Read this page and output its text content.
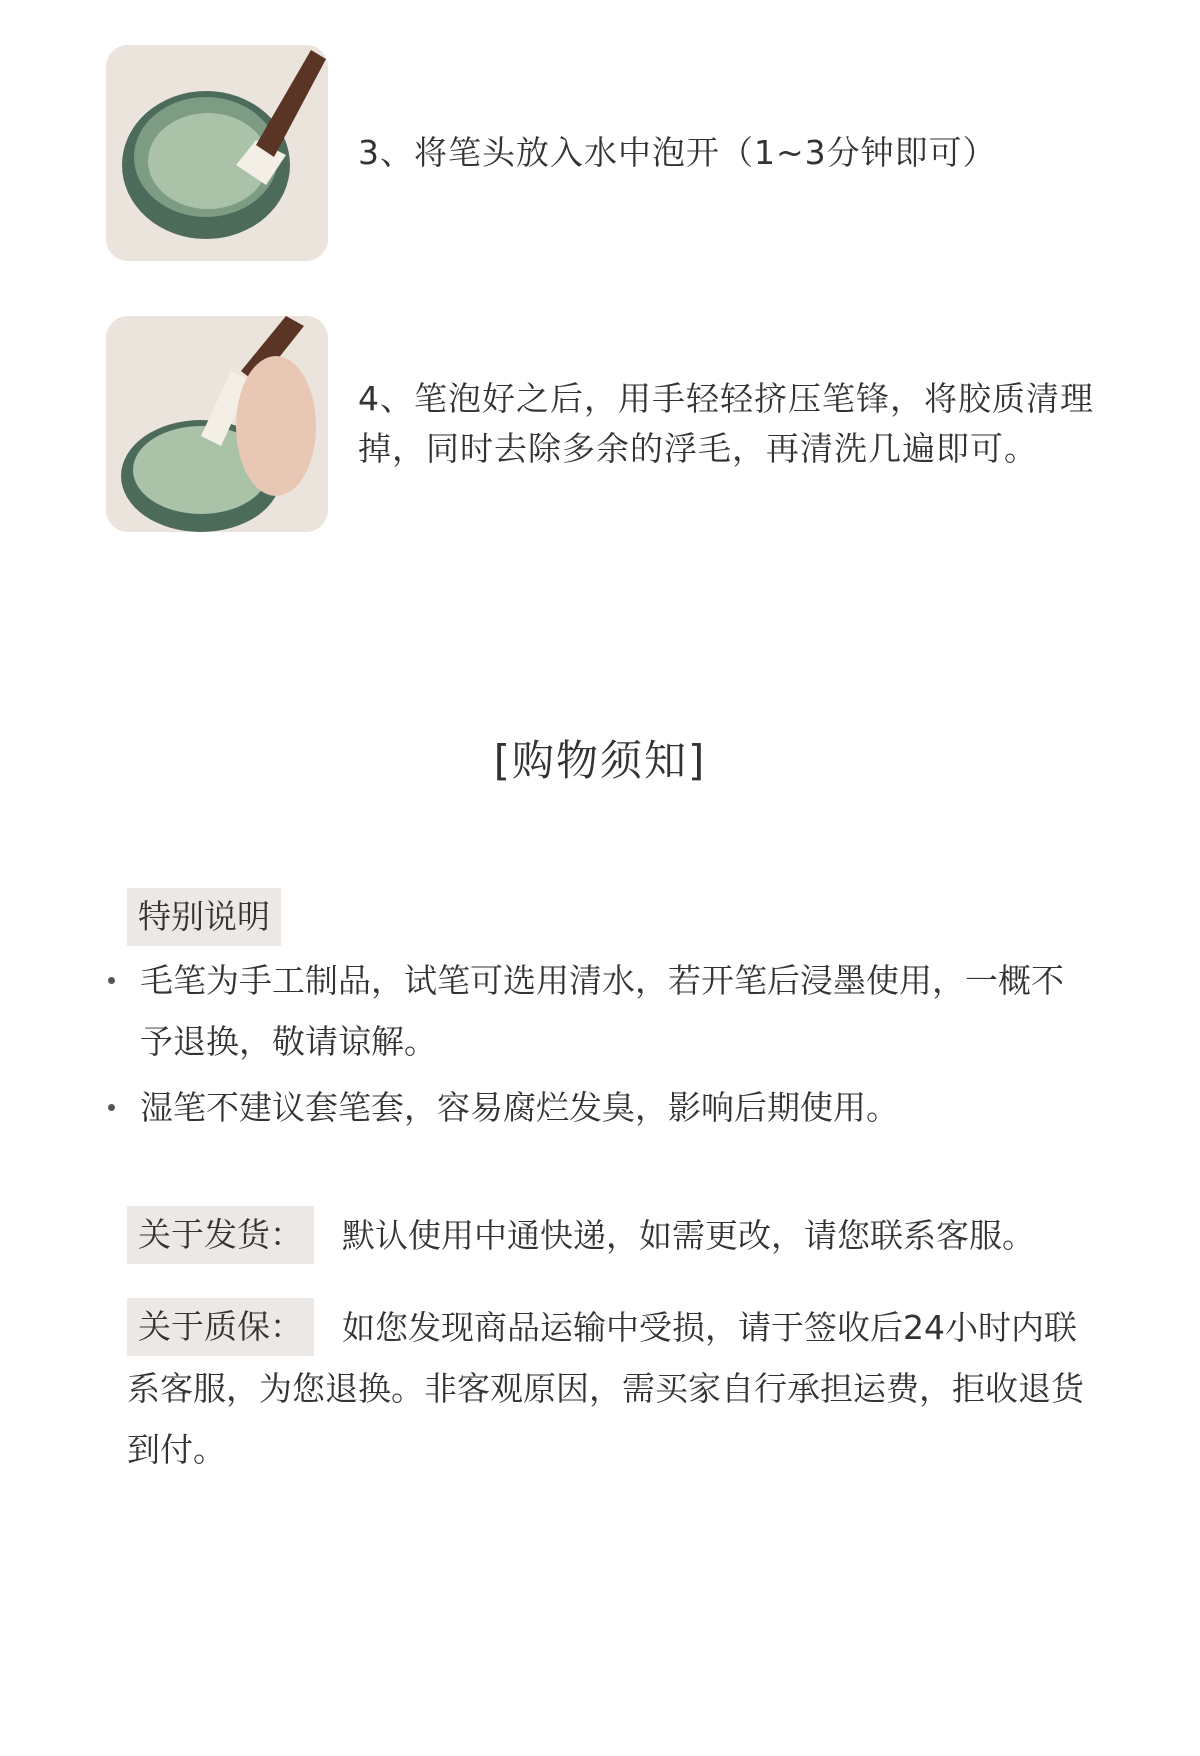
3、将笔头放入水中泡开（1~3分钟即可）
4、笔泡好之后，用手轻轻挤压笔锋，将胶质清理掉，同时去除多余的浮毛，再清洗几遍即可。
[购物须知]
特别说明
毛笔为手工制品，试笔可选用清水，若开笔后浸墨使用，一概不予退换，敬请谅解。
湿笔不建议套笔套，容易腐烂发臭，影响后期使用。
关于发货： 默认使用中通快递，如需更改，请您联系客服。
关于质保： 如您发现商品运输中受损，请于签收后24小时内联系客服，为您退换。非客观原因，需买家自行承担运费，拒收退货到付。
